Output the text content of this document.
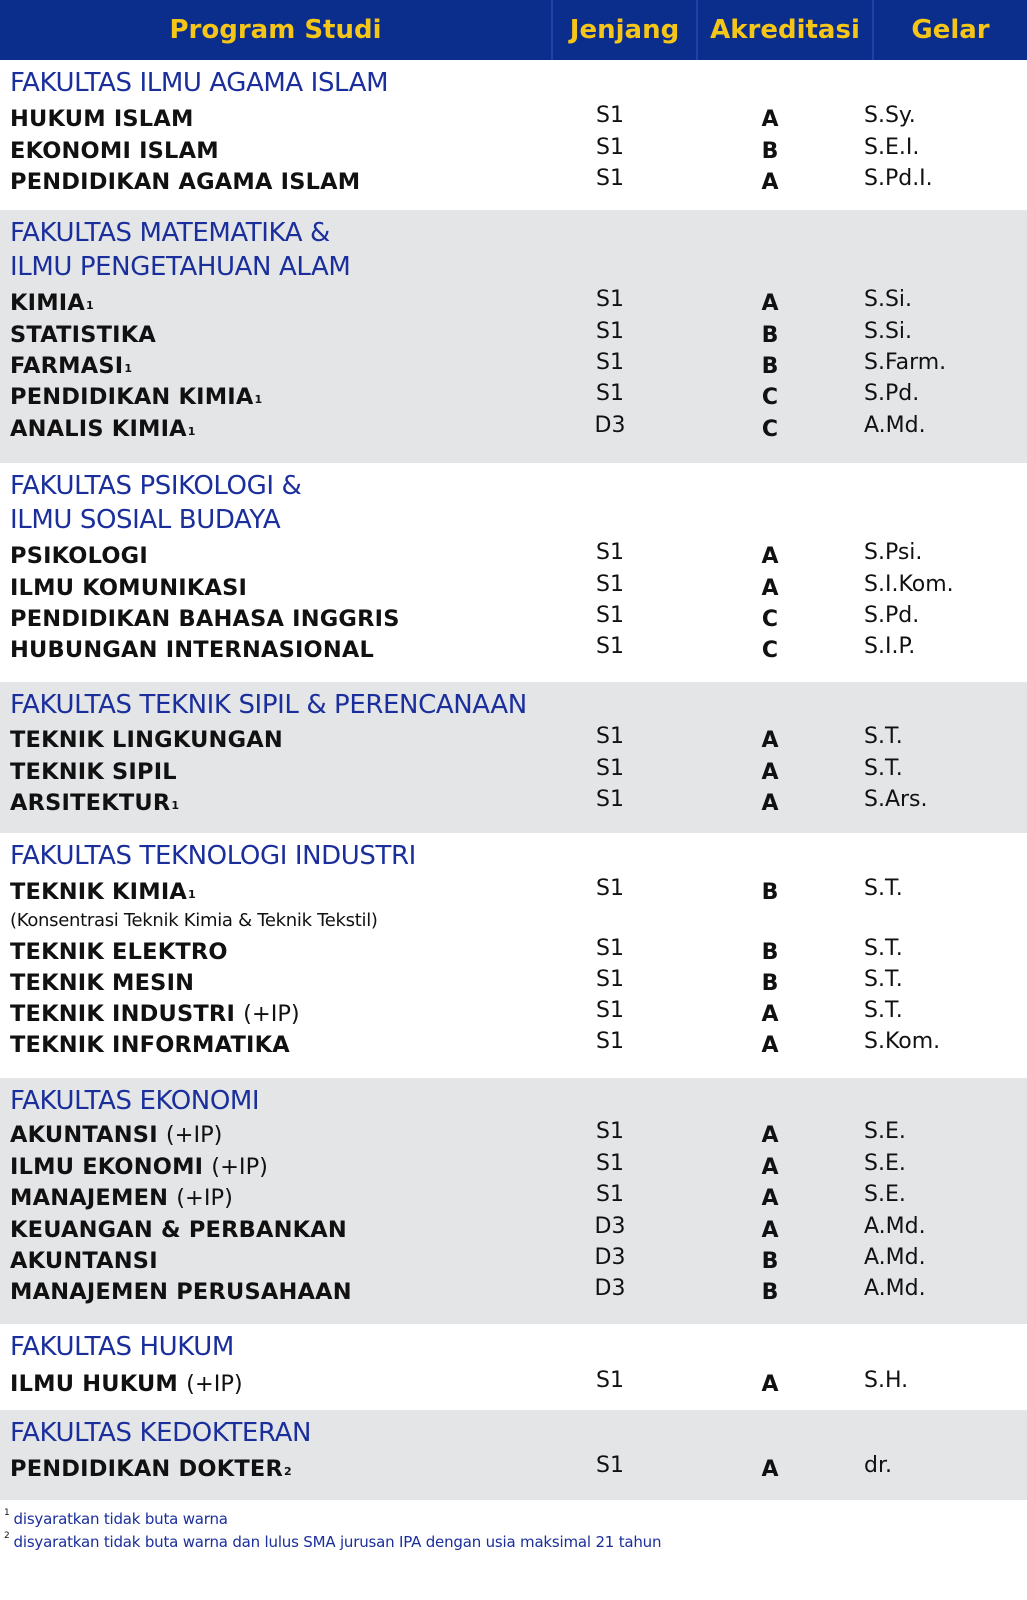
Program Studi	Jenjang	Akreditasi	Gelar
FAKULTAS ILMU AGAMA ISLAM
HUKUM ISLAM	S1	A	S.Sy.
EKONOMI ISLAM	S1	B	S.E.I.
PENDIDIKAN AGAMA ISLAM	S1	A	S.Pd.I.
FAKULTAS MATEMATIKA &
ILMU PENGETAHUAN ALAM
KIMIA$^1$	S1	A	S.Si.
STATISTIKA	S1	B	S.Si.
FARMASI$^1$	S1	B	S.Farm.
PENDIDIKAN KIMIA$^1$	S1	C	S.Pd.
ANALIS KIMIA$^1$	D3	C	A.Md.
FAKULTAS PSIKOLOGI &
ILMU SOSIAL BUDAYA
PSIKOLOGI	S1	A	S.Psi.
ILMU KOMUNIKASI	S1	A	S.I.Kom.
PENDIDIKAN BAHASA INGGRIS	S1	C	S.Pd.
HUBUNGAN INTERNASIONAL	S1	C	S.I.P.
FAKULTAS TEKNIK SIPIL & PERENCANAAN
TEKNIK LINGKUNGAN	S1	A	S.T.
TEKNIK SIPIL	S1	A	S.T.
ARSITEKTUR$^1$	S1	A	S.Ars.
FAKULTAS TEKNOLOGI INDUSTRI
TEKNIK KIMIA$^1$	S1	B	S.T.
(Konsentrasi Teknik Kimia & Teknik Tekstil)
TEKNIK ELEKTRO	S1	B	S.T.
TEKNIK MESIN	S1	B	S.T.
TEKNIK INDUSTRI (+IP)	S1	A	S.T.
TEKNIK INFORMATIKA	S1	A	S.Kom.
FAKULTAS EKONOMI
AKUNTANSI (+IP)	S1	A	S.E.
ILMU EKONOMI (+IP)	S1	A	S.E.
MANAJEMEN (+IP)	S1	A	S.E.
KEUANGAN & PERBANKAN	D3	A	A.Md.
AKUNTANSI	D3	B	A.Md.
MANAJEMEN PERUSAHAAN	D3	B	A.Md.
FAKULTAS HUKUM
ILMU HUKUM (+IP)	S1	A	S.H.
FAKULTAS KEDOKTERAN
PENDIDIKAN DOKTER$^2$	S1	A	dr.
$^1$ disyaratkan tidak buta warna
$^2$ disyaratkan tidak buta warna dan lulus SMA jurusan IPA dengan usia maksimal 21 tahun
